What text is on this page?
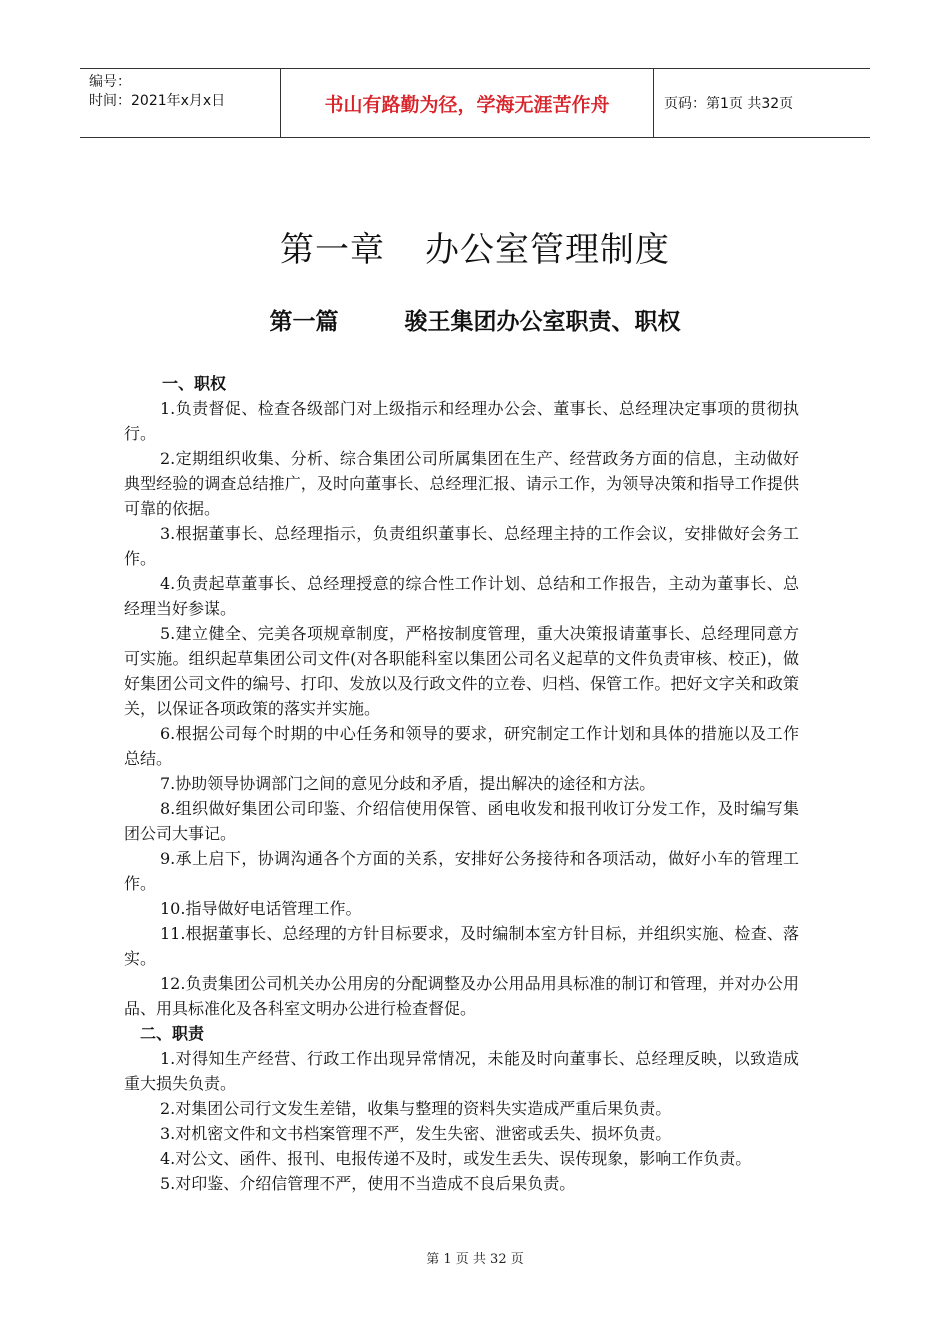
编号：
时间：2021年x月x日	书山有路勤为径，学海无涯苦作舟	页码：第1页 共32页
第一章 办公室管理制度
第一篇	骏王集团办公室职责、职权

一、职权

1.负责督促、检查各级部门对上级指示和经理办公会、董事长、总经理决定事项的贯彻执行。

2.定期组织收集、分析、综合集团公司所属集团在生产、经营政务方面的信息，主动做好典型经验的调查总结推广，及时向董事长、总经理汇报、请示工作，为领导决策和指导工作提供可靠的依据。

3.根据董事长、总经理指示，负责组织董事长、总经理主持的工作会议，安排做好会务工作。

4.负责起草董事长、总经理授意的综合性工作计划、总结和工作报告，主动为董事长、总经理当好参谋。

5.建立健全、完美各项规章制度，严格按制度管理，重大决策报请董事长、总经理同意方可实施。组织起草集团公司文件(对各职能科室以集团公司名义起草的文件负责审核、校正)，做好集团公司文件的编号、打印、发放以及行政文件的立卷、归档、保管工作。把好文字关和政策关，以保证各项政策的落实并实施。

6.根据公司每个时期的中心任务和领导的要求，研究制定工作计划和具体的措施以及工作总结。

7.协助领导协调部门之间的意见分歧和矛盾，提出解决的途径和方法。

8.组织做好集团公司印鉴、介绍信使用保管、函电收发和报刊收订分发工作，及时编写集团公司大事记。

9.承上启下，协调沟通各个方面的关系，安排好公务接待和各项活动，做好小车的管理工作。

10.指导做好电话管理工作。

11.根据董事长、总经理的方针目标要求，及时编制本室方针目标，并组织实施、检查、落实。

12.负责集团公司机关办公用房的分配调整及办公用品用具标准的制订和管理，并对办公用品、用具标准化及各科室文明办公进行检查督促。

二、职责

1.对得知生产经营、行政工作出现异常情况，未能及时向董事长、总经理反映，以致造成重大损失负责。

2.对集团公司行文发生差错，收集与整理的资料失实造成严重后果负责。

3.对机密文件和文书档案管理不严，发生失密、泄密或丢失、损坏负责。

4.对公文、函件、报刊、电报传递不及时，或发生丢失、误传现象，影响工作负责。

5.对印鉴、介绍信管理不严，使用不当造成不良后果负责。

第 1 页 共 32 页
